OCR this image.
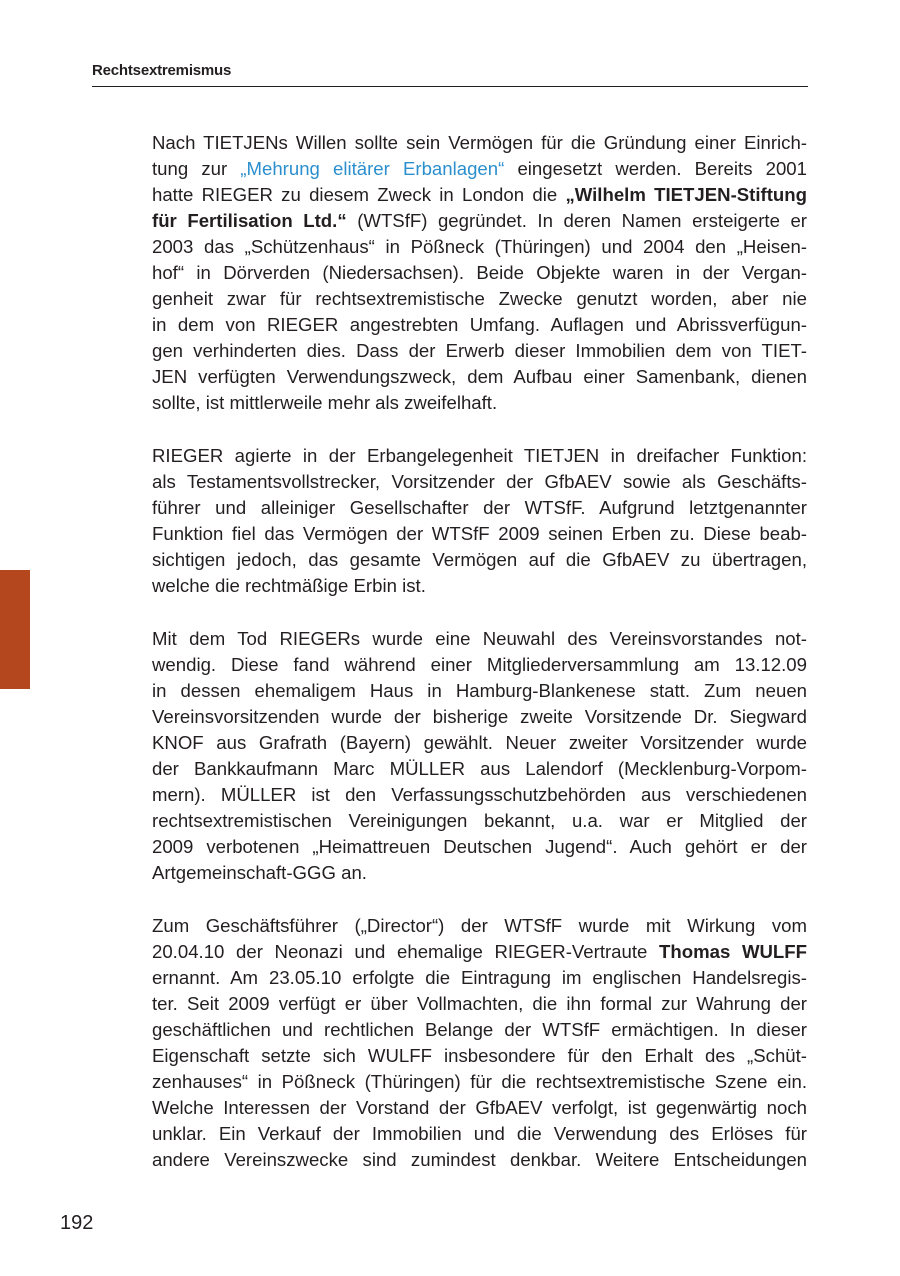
Rechtsextremismus
Nach TIETJENs Willen sollte sein Vermögen für die Gründung einer Einrich-
tung zur „Mehrung elitärer Erbanlagen“ eingesetzt werden. Bereits 2001
hatte RIEGER zu diesem Zweck in London die „Wilhelm TIETJEN-Stiftung
für Fertilisation Ltd.“ (WTSfF) gegründet. In deren Namen ersteigerte er
2003 das „Schützenhaus“ in Pößneck (Thüringen) und 2004 den „Heisen-
hof“ in Dörverden (Niedersachsen). Beide Objekte waren in der Vergan-
genheit zwar für rechtsextremistische Zwecke genutzt worden, aber nie
in dem von RIEGER angestrebten Umfang. Auflagen und Abrissverfügun-
gen verhinderten dies. Dass der Erwerb dieser Immobilien dem von TIET-
JEN verfügten Verwendungszweck, dem Aufbau einer Samenbank, dienen
sollte, ist mittlerweile mehr als zweifelhaft.
RIEGER agierte in der Erbangelegenheit TIETJEN in dreifacher Funktion:
als Testamentsvollstrecker, Vorsitzender der GfbAEV sowie als Geschäfts-
führer und alleiniger Gesellschafter der WTSfF. Aufgrund letztgenannter
Funktion fiel das Vermögen der WTSfF 2009 seinen Erben zu. Diese beab-
sichtigen jedoch, das gesamte Vermögen auf die GfbAEV zu übertragen,
welche die rechtmäßige Erbin ist.
Mit dem Tod RIEGERs wurde eine Neuwahl des Vereinsvorstandes not-
wendig. Diese fand während einer Mitgliederversammlung am 13.12.09
in dessen ehemaligem Haus in Hamburg-Blankenese statt. Zum neuen
Vereinsvorsitzenden wurde der bisherige zweite Vorsitzende Dr. Siegward
KNOF aus Grafrath (Bayern) gewählt. Neuer zweiter Vorsitzender wurde
der Bankkaufmann Marc MÜLLER aus Lalendorf (Mecklenburg-Vorpom-
mern). MÜLLER ist den Verfassungsschutzbehörden aus verschiedenen
rechtsextremistischen Vereinigungen bekannt, u.a. war er Mitglied der
2009 verbotenen „Heimattreuen Deutschen Jugend“. Auch gehört er der
Artgemeinschaft-GGG an.
Zum Geschäftsführer („Director“) der WTSfF wurde mit Wirkung vom
20.04.10 der Neonazi und ehemalige RIEGER-Vertraute Thomas WULFF
ernannt. Am 23.05.10 erfolgte die Eintragung im englischen Handelsregis-
ter. Seit 2009 verfügt er über Vollmachten, die ihn formal zur Wahrung der
geschäftlichen und rechtlichen Belange der WTSfF ermächtigen. In dieser
Eigenschaft setzte sich WULFF insbesondere für den Erhalt des „Schüt-
zenhauses“ in Pößneck (Thüringen) für die rechtsextremistische Szene ein.
Welche Interessen der Vorstand der GfbAEV verfolgt, ist gegenwärtig noch
unklar. Ein Verkauf der Immobilien und die Verwendung des Erlöses für
andere Vereinszwecke sind zumindest denkbar. Weitere Entscheidungen
192
